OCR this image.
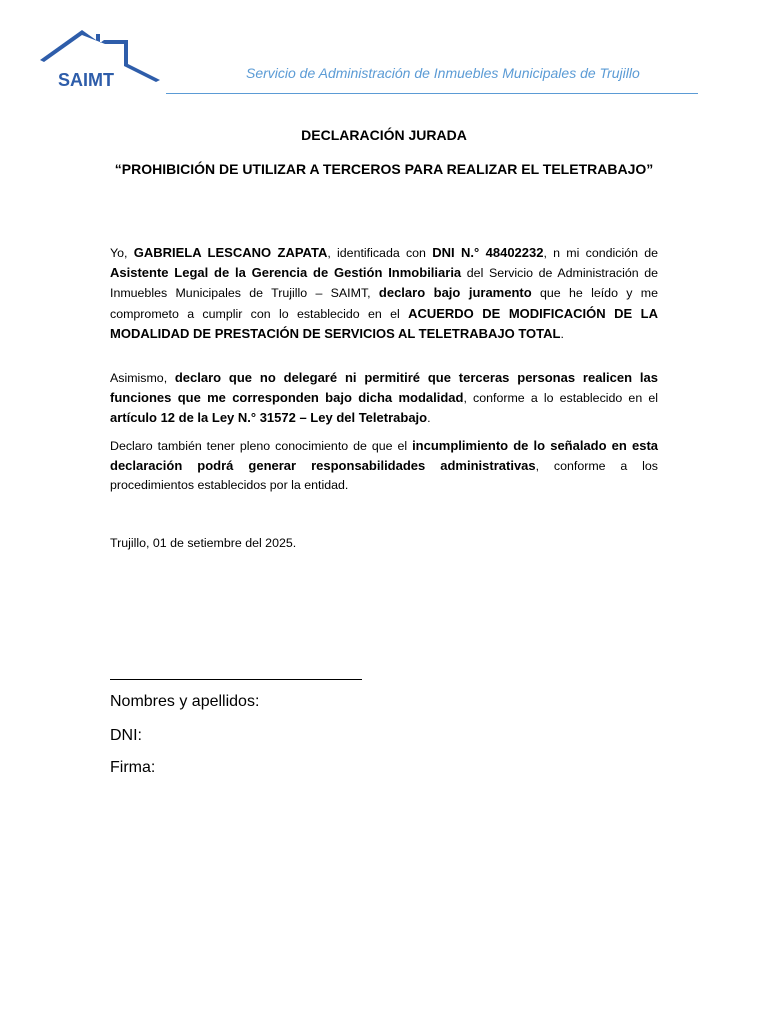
SAIMT	Servicio de Administración de Inmuebles Municipales de Trujillo

DECLARACIÓN JURADA

“PROHIBICIÓN DE UTILIZAR A TERCEROS PARA REALIZAR EL TELETRABAJO”

Yo, GABRIELA LESCANO ZAPATA, identificada con DNI N.° 48402232, n mi condición de Asistente Legal de la Gerencia de Gestión Inmobiliaria del Servicio de Administración de Inmuebles Municipales de Trujillo – SAIMT, declaro bajo juramento que he leído y me comprometo a cumplir con lo establecido en el ACUERDO DE MODIFICACIÓN DE LA MODALIDAD DE PRESTACIÓN DE SERVICIOS AL TELETRABAJO TOTAL.

Asimismo, declaro que no delegaré ni permitiré que terceras personas realicen las funciones que me corresponden bajo dicha modalidad, conforme a lo establecido en el artículo 12 de la Ley N.° 31572 – Ley del Teletrabajo.

Declaro también tener pleno conocimiento de que el incumplimiento de lo señalado en esta declaración podrá generar responsabilidades administrativas, conforme a los procedimientos establecidos por la entidad.

Trujillo, 01 de setiembre del 2025.

Nombres y apellidos:

DNI:

Firma:
